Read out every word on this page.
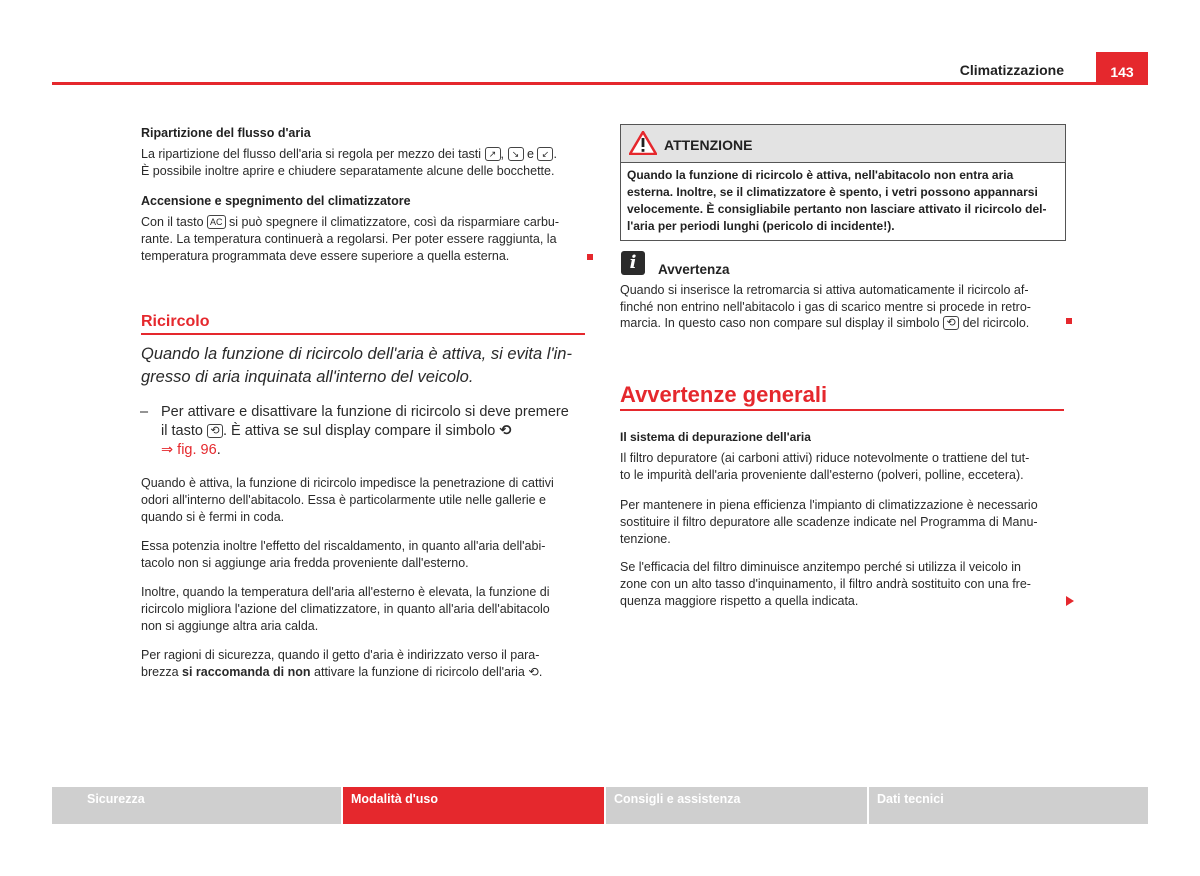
Climatizzazione	143
Ripartizione del flusso d'aria

La ripartizione del flusso dell'aria si regola per mezzo dei tasti ↗ , ↘ e ↙ .

È possibile inoltre aprire e chiudere separatamente alcune delle bocchette.

Accensione e spegnimento del climatizzatore

Con il tasto AC si può spegnere il climatizzatore, così da risparmiare carbu-

rante. La temperatura continuerà a regolarsi. Per poter essere raggiunta, la

temperatura programmata deve essere superiore a quella esterna.

Ricircolo

Quando la funzione di ricircolo dell'aria è attiva, si evita l'in-

gresso di aria inquinata all'interno del veicolo.

– Per attivare e disattivare la funzione di ricircolo si deve premere

il tasto ⟲ . È attiva se sul display compare il simbolo ⟲

⇒ fig. 96.

Quando è attiva, la funzione di ricircolo impedisce la penetrazione di cattivi
odori all'interno dell'abitacolo. Essa è particolarmente utile nelle gallerie e
quando si è fermi in coda.

Essa potenzia inoltre l'effetto del riscaldamento, in quanto all'aria dell'abi-
tacolo non si aggiunge aria fredda proveniente dall'esterno.

Inoltre, quando la temperatura dell'aria all'esterno è elevata, la funzione di
ricircolo migliora l'azione del climatizzatore, in quanto all'aria dell'abitacolo
non si aggiunge altra aria calda.

Per ragioni di sicurezza, quando il getto d'aria è indirizzato verso il para-
brezza si raccomanda di non attivare la funzione di ricircolo dell'aria ⟲.

ATTENZIONE
Quando la funzione di ricircolo è attiva, nell'abitacolo non entra aria
esterna. Inoltre, se il climatizzatore è spento, i vetri possono appannarsi
velocemente. È consigliabile pertanto non lasciare attivato il ricircolo del-
l'aria per periodi lunghi (pericolo di incidente!).
i	Avvertenza

Quando si inserisce la retromarcia si attiva automaticamente il ricircolo af-

finché non entrino nell'abitacolo i gas di scarico mentre si procede in retro-

marcia. In questo caso non compare sul display il simbolo ⟲ del ricircolo.

Avvertenze generali
Il sistema di depurazione dell'aria

Il filtro depuratore (ai carboni attivi) riduce notevolmente o trattiene del tut-
to le impurità dell'aria proveniente dall'esterno (polveri, polline, eccetera).

Per mantenere in piena efficienza l'impianto di climatizzazione è necessario
sostituire il filtro depuratore alle scadenze indicate nel Programma di Manu-
tenzione.

Se l'efficacia del filtro diminuisce anzitempo perché si utilizza il veicolo in
zone con un alto tasso d'inquinamento, il filtro andrà sostituito con una fre-
quenza maggiore rispetto a quella indicata.

Sicurezza	Modalità d'uso	Consigli e assistenza	Dati tecnici
